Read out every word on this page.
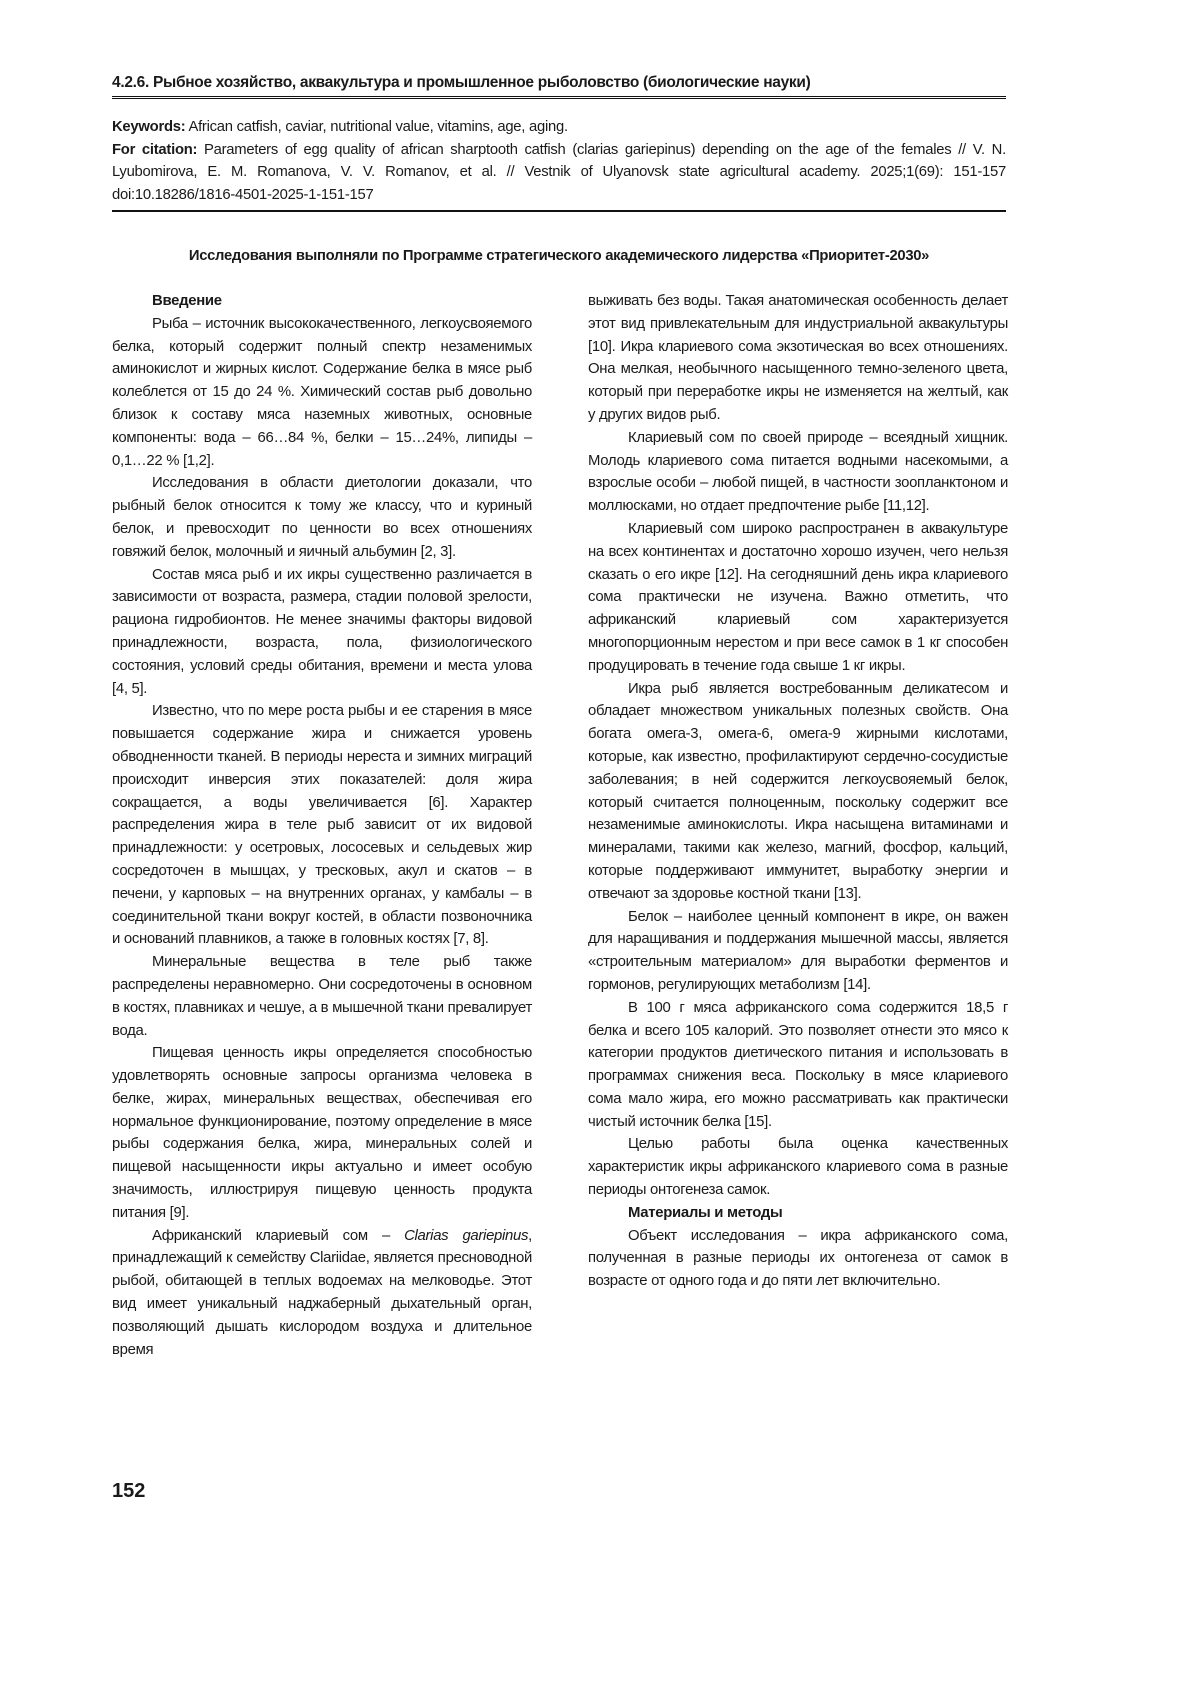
4.2.6. Рыбное хозяйство, аквакультура и промышленное рыболовство (биологические науки)
Keywords: African catfish, caviar, nutritional value, vitamins, age, aging.
For citation: Parameters of egg quality of african sharptooth catfish (clarias gariepinus) depending on the age of the females // V. N. Lyubomirova, E. M. Romanova, V. V. Romanov, et al. // Vestnik of Ulyanovsk state agricultural academy. 2025;1(69): 151-157 doi:10.18286/1816-4501-2025-1-151-157
Исследования выполняли по Программе стратегического академического лидерства «Приоритет-2030»
Введение

Рыба – источник высококачественного, легкоусвояемого белка, который содержит полный спектр незаменимых аминокислот и жирных кислот. Содержание белка в мясе рыб колеблется от 15 до 24 %. Химический состав рыб довольно близок к составу мяса наземных животных, основные компоненты: вода – 66…84 %, белки – 15…24%, липиды – 0,1…22 % [1,2].

Исследования в области диетологии доказали, что рыбный белок относится к тому же классу, что и куриный белок, и превосходит по ценности во всех отношениях говяжий белок, молочный и яичный альбумин [2, 3].

Состав мяса рыб и их икры существенно различается в зависимости от возраста, размера, стадии половой зрелости, рациона гидробионтов. Не менее значимы факторы видовой принадлежности, возраста, пола, физиологического состояния, условий среды обитания, времени и места улова [4, 5].

Известно, что по мере роста рыбы и ее старения в мясе повышается содержание жира и снижается уровень обводненности тканей. В периоды нереста и зимних миграций происходит инверсия этих показателей: доля жира сокращается, а воды увеличивается [6]. Характер распределения жира в теле рыб зависит от их видовой принадлежности: у осетровых, лососевых и сельдевых жир сосредоточен в мышцах, у тресковых, акул и скатов – в печени, у карповых – на внутренних органах, у камбалы – в соединительной ткани вокруг костей, в области позвоночника и оснований плавников, а также в головных костях [7, 8].

Минеральные вещества в теле рыб также распределены неравномерно. Они сосредоточены в основном в костях, плавниках и чешуе, а в мышечной ткани превалирует вода.

Пищевая ценность икры определяется способностью удовлетворять основные запросы организма человека в белке, жирах, минеральных веществах, обеспечивая его нормальное функционирование, поэтому определение в мясе рыбы содержания белка, жира, минеральных солей и пищевой насыщенности икры актуально и имеет особую значимость, иллюстрируя пищевую ценность продукта питания [9].

Африканский клариевый сом – Clarias gariepinus, принадлежащий к семейству Clariidae, является пресноводной рыбой, обитающей в теплых водоемах на мелководье. Этот вид имеет уникальный наджаберный дыхательный орган, позволяющий дышать кислородом воздуха и длительное время

выживать без воды. Такая анатомическая особенность делает этот вид привлекательным для индустриальной аквакультуры [10]. Икра клариевого сома экзотическая во всех отношениях. Она мелкая, необычного насыщенного темно-зеленого цвета, который при переработке икры не изменяется на желтый, как у других видов рыб.

Клариевый сом по своей природе – всеядный хищник. Молодь клариевого сома питается водными насекомыми, а взрослые особи – любой пищей, в частности зоопланктоном и моллюсками, но отдает предпочтение рыбе [11,12].

Клариевый сом широко распространен в аквакультуре на всех континентах и достаточно хорошо изучен, чего нельзя сказать о его икре [12]. На сегодняшний день икра клариевого сома практически не изучена. Важно отметить, что африканский клариевый сом характеризуется многопорционным нерестом и при весе самок в 1 кг способен продуцировать в течение года свыше 1 кг икры.

Икра рыб является востребованным деликатесом и обладает множеством уникальных полезных свойств. Она богата омега-3, омега-6, омега-9 жирными кислотами, которые, как известно, профилактируют сердечно-сосудистые заболевания; в ней содержится легкоусвояемый белок, который считается полноценным, поскольку содержит все незаменимые аминокислоты. Икра насыщена витаминами и минералами, такими как железо, магний, фосфор, кальций, которые поддерживают иммунитет, выработку энергии и отвечают за здоровье костной ткани [13].

Белок – наиболее ценный компонент в икре, он важен для наращивания и поддержания мышечной массы, является «строительным материалом» для выработки ферментов и гормонов, регулирующих метаболизм [14].

В 100 г мяса африканского сома содержится 18,5 г белка и всего 105 калорий. Это позволяет отнести это мясо к категории продуктов диетического питания и использовать в программах снижения веса. Поскольку в мясе клариевого сома мало жира, его можно рассматривать как практически чистый источник белка [15].

Целью работы была оценка качественных характеристик икры африканского клариевого сома в разные периоды онтогенеза самок.

Материалы и методы

Объект исследования – икра африканского сома, полученная в разные периоды их онтогенеза от самок в возрасте от одного года и до пяти лет включительно.

152
